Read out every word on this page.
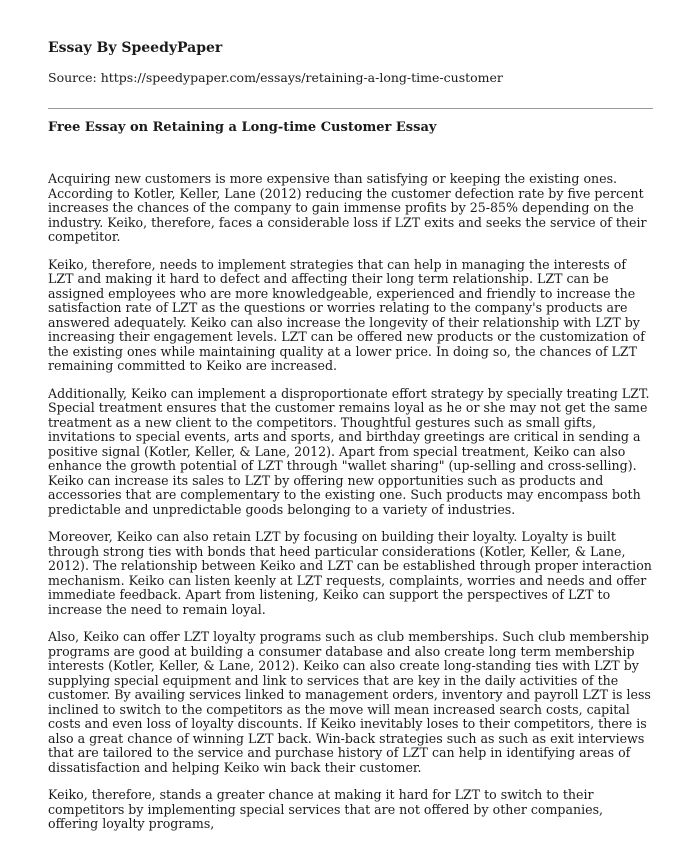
Essay By SpeedyPaper

Source: https://speedypaper.com/essays/retaining-a-long-time-customer

Free Essay on Retaining a Long-time Customer Essay

Acquiring new customers is more expensive than satisfying or keeping the existing ones. According to Kotler, Keller, Lane (2012) reducing the customer defection rate by five percent increases the chances of the company to gain immense profits by 25-85% depending on the industry. Keiko, therefore, faces a considerable loss if LZT exits and seeks the service of their competitor.

Keiko, therefore, needs to implement strategies that can help in managing the interests of LZT and making it hard to defect and affecting their long term relationship. LZT can be assigned employees who are more knowledgeable, experienced and friendly to increase the satisfaction rate of LZT as the questions or worries relating to the company's products are answered adequately. Keiko can also increase the longevity of their relationship with LZT by increasing their engagement levels. LZT can be offered new products or the customization of the existing ones while maintaining quality at a lower price. In doing so, the chances of LZT remaining committed to Keiko are increased.

Additionally, Keiko can implement a disproportionate effort strategy by specially treating LZT. Special treatment ensures that the customer remains loyal as he or she may not get the same treatment as a new client to the competitors. Thoughtful gestures such as small gifts, invitations to special events, arts and sports, and birthday greetings are critical in sending a positive signal (Kotler, Keller, & Lane, 2012). Apart from special treatment, Keiko can also enhance the growth potential of LZT through "wallet sharing" (up-selling and cross-selling). Keiko can increase its sales to LZT by offering new opportunities such as products and accessories that are complementary to the existing one. Such products may encompass both predictable and unpredictable goods belonging to a variety of industries.

Moreover, Keiko can also retain LZT by focusing on building their loyalty. Loyalty is built through strong ties with bonds that heed particular considerations (Kotler, Keller, & Lane, 2012). The relationship between Keiko and LZT can be established through proper interaction mechanism. Keiko can listen keenly at LZT requests, complaints, worries and needs and offer immediate feedback. Apart from listening, Keiko can support the perspectives of LZT to increase the need to remain loyal.

Also, Keiko can offer LZT loyalty programs such as club memberships. Such club membership programs are good at building a consumer database and also create long term membership interests (Kotler, Keller, & Lane, 2012). Keiko can also create long-standing ties with LZT by supplying special equipment and link to services that are key in the daily activities of the customer. By availing services linked to management orders, inventory and payroll LZT is less inclined to switch to the competitors as the move will mean increased search costs, capital costs and even loss of loyalty discounts. If Keiko inevitably loses to their competitors, there is also a great chance of winning LZT back. Win-back strategies such as such as exit interviews that are tailored to the service and purchase history of LZT can help in identifying areas of dissatisfaction and helping Keiko win back their customer.

Keiko, therefore, stands a greater chance at making it hard for LZT to switch to their competitors by implementing special services that are not offered by other companies, offering loyalty programs,
